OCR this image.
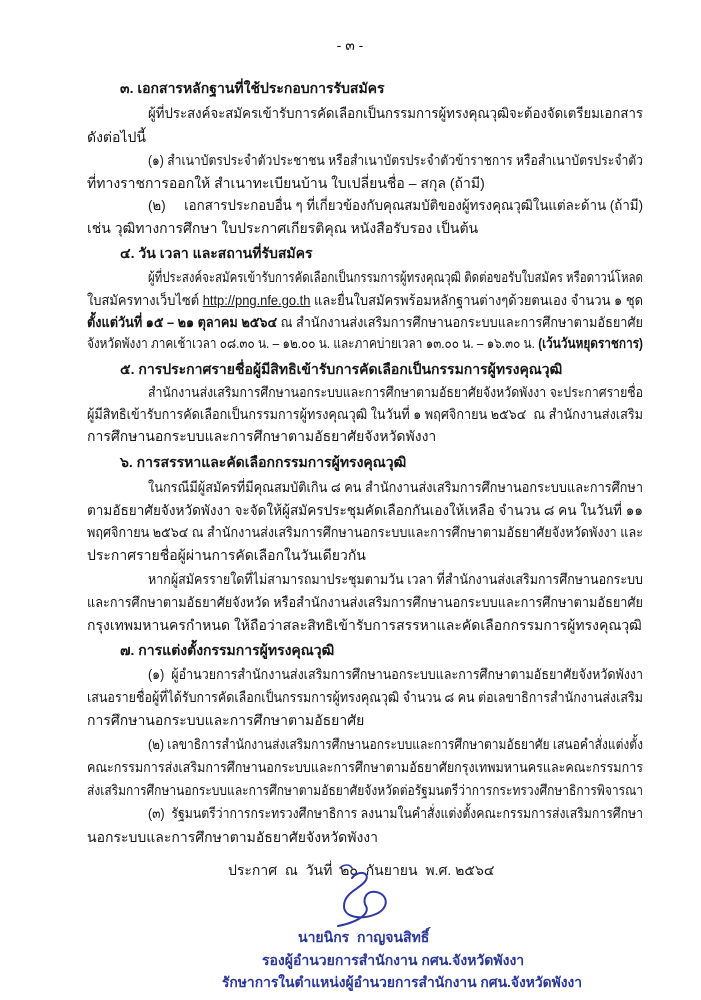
- ๓ -
๓. เอกสารหลักฐานที่ใช้ประกอบการรับสมัคร
ผู้ที่ประสงค์จะสมัครเข้ารับการคัดเลือกเป็นกรรมการผู้ทรงคุณวุฒิจะต้องจัดเตรียมเอกสาร
ดังต่อไปนี้
(๑) สำเนาบัตรประจำตัวประชาชน หรือสำเนาบัตรประจำตัวข้าราชการ หรือสำเนาบัตรประจำตัว
ที่ทางราชการออกให้ สำเนาทะเบียนบ้าน ใบเปลี่ยนชื่อ – สกุล (ถ้ามี)
(๒)     เอกสารประกอบอื่น ๆ ที่เกี่ยวข้องกับคุณสมบัติของผู้ทรงคุณวุฒิในแต่ละด้าน (ถ้ามี)
เช่น วุฒิทางการศึกษา ใบประกาศเกียรติคุณ หนังสือรับรอง เป็นต้น
๔. วัน เวลา และสถานที่รับสมัคร
ผู้ที่ประสงค์จะสมัครเข้ารับการคัดเลือกเป็นกรรมการผู้ทรงคุณวุฒิ ติดต่อขอรับใบสมัคร หรือดาวน์โหลด
ใบสมัครทางเว็บไซต์ http://png.nfe.go.th และยื่นใบสมัครพร้อมหลักฐานต่างๆด้วยตนเอง จำนวน ๑ ชุด
ตั้งแต่วันที่ ๑๕ – ๒๑ ตุลาคม ๒๕๖๔ ณ สำนักงานส่งเสริมการศึกษานอกระบบและการศึกษาตามอัธยาศัย
จังหวัดพังงา ภาคเช้าเวลา ๐๘.๓๐ น. – ๑๒.๐๐ น. และภาคบ่ายเวลา ๑๓.๐๐ น. – ๑๖.๓๐ น. (เว้นวันหยุดราชการ)
๕. การประกาศรายชื่อผู้มีสิทธิเข้ารับการคัดเลือกเป็นกรรมการผู้ทรงคุณวุฒิ
สำนักงานส่งเสริมการศึกษานอกระบบและการศึกษาตามอัธยาศัยจังหวัดพังงา จะประกาศรายชื่อ
ผู้มีสิทธิเข้ารับการคัดเลือกเป็นกรรมการผู้ทรงคุณวุฒิ ในวันที่ ๑ พฤศจิกายน ๒๕๖๔  ณ สำนักงานส่งเสริม
การศึกษานอกระบบและการศึกษาตามอัธยาศัยจังหวัดพังงา
๖. การสรรหาและคัดเลือกกรรมการผู้ทรงคุณวุฒิ
ในกรณีมีผู้สมัครที่มีคุณสมบัติเกิน ๘ คน สำนักงานส่งเสริมการศึกษานอกระบบและการศึกษา
ตามอัธยาศัยจังหวัดพังงา จะจัดให้ผู้สมัครประชุมคัดเลือกกันเองให้เหลือ จำนวน ๘ คน ในวันที่ ๑๑
พฤศจิกายน ๒๕๖๔ ณ สำนักงานส่งเสริมการศึกษานอกระบบและการศึกษาตามอัธยาศัยจังหวัดพังงา และ
ประกาศรายชื่อผู้ผ่านการคัดเลือกในวันเดียวกัน
หากผู้สมัครรายใดที่ไม่สามารถมาประชุมตามวัน เวลา ที่สำนักงานส่งเสริมการศึกษานอกระบบ
และการศึกษาตามอัธยาศัยจังหวัด หรือสำนักงานส่งเสริมการศึกษานอกระบบและการศึกษาตามอัธยาศัย
กรุงเทพมหานครกำหนด ให้ถือว่าสละสิทธิเข้ารับการสรรหาและคัดเลือกกรรมการผู้ทรงคุณวุฒิ
๗. การแต่งตั้งกรรมการผู้ทรงคุณวุฒิ
(๑)  ผู้อำนวยการสำนักงานส่งเสริมการศึกษานอกระบบและการศึกษาตามอัธยาศัยจังหวัดพังงา
เสนอรายชื่อผู้ที่ได้รับการคัดเลือกเป็นกรรมการผู้ทรงคุณวุฒิ จำนวน ๘ คน ต่อเลขาธิการสำนักงานส่งเสริม
การศึกษานอกระบบและการศึกษาตามอัธยาศัย
(๒) เลขาธิการสำนักงานส่งเสริมการศึกษานอกระบบและการศึกษาตามอัธยาศัย เสนอคำสั่งแต่งตั้ง
คณะกรรมการส่งเสริมการศึกษานอกระบบและการศึกษาตามอัธยาศัยกรุงเทพมหานครและคณะกรรมการ
ส่งเสริมการศึกษานอกระบบและการศึกษาตามอัธยาศัยจังหวัดต่อรัฐมนตรีว่าการกระทรวงศึกษาธิการพิจารณา
(๓)  รัฐมนตรีว่าการกระทรวงศึกษาธิการ ลงนามในคำสั่งแต่งตั้งคณะกรรมการส่งเสริมการศึกษา
นอกระบบและการศึกษาตามอัธยาศัยจังหวัดพังงา
ประกาศ  ณ  วันที่  ๒๐  กันยายน  พ.ศ. ๒๕๖๔
นายนิกร  กาญจนสิทธิ์
รองผู้อำนวยการสำนักงาน กศน.จังหวัดพังงา
รักษาการในตำแหน่งผู้อำนวยการสำนักงาน กศน.จังหวัดพังงา
